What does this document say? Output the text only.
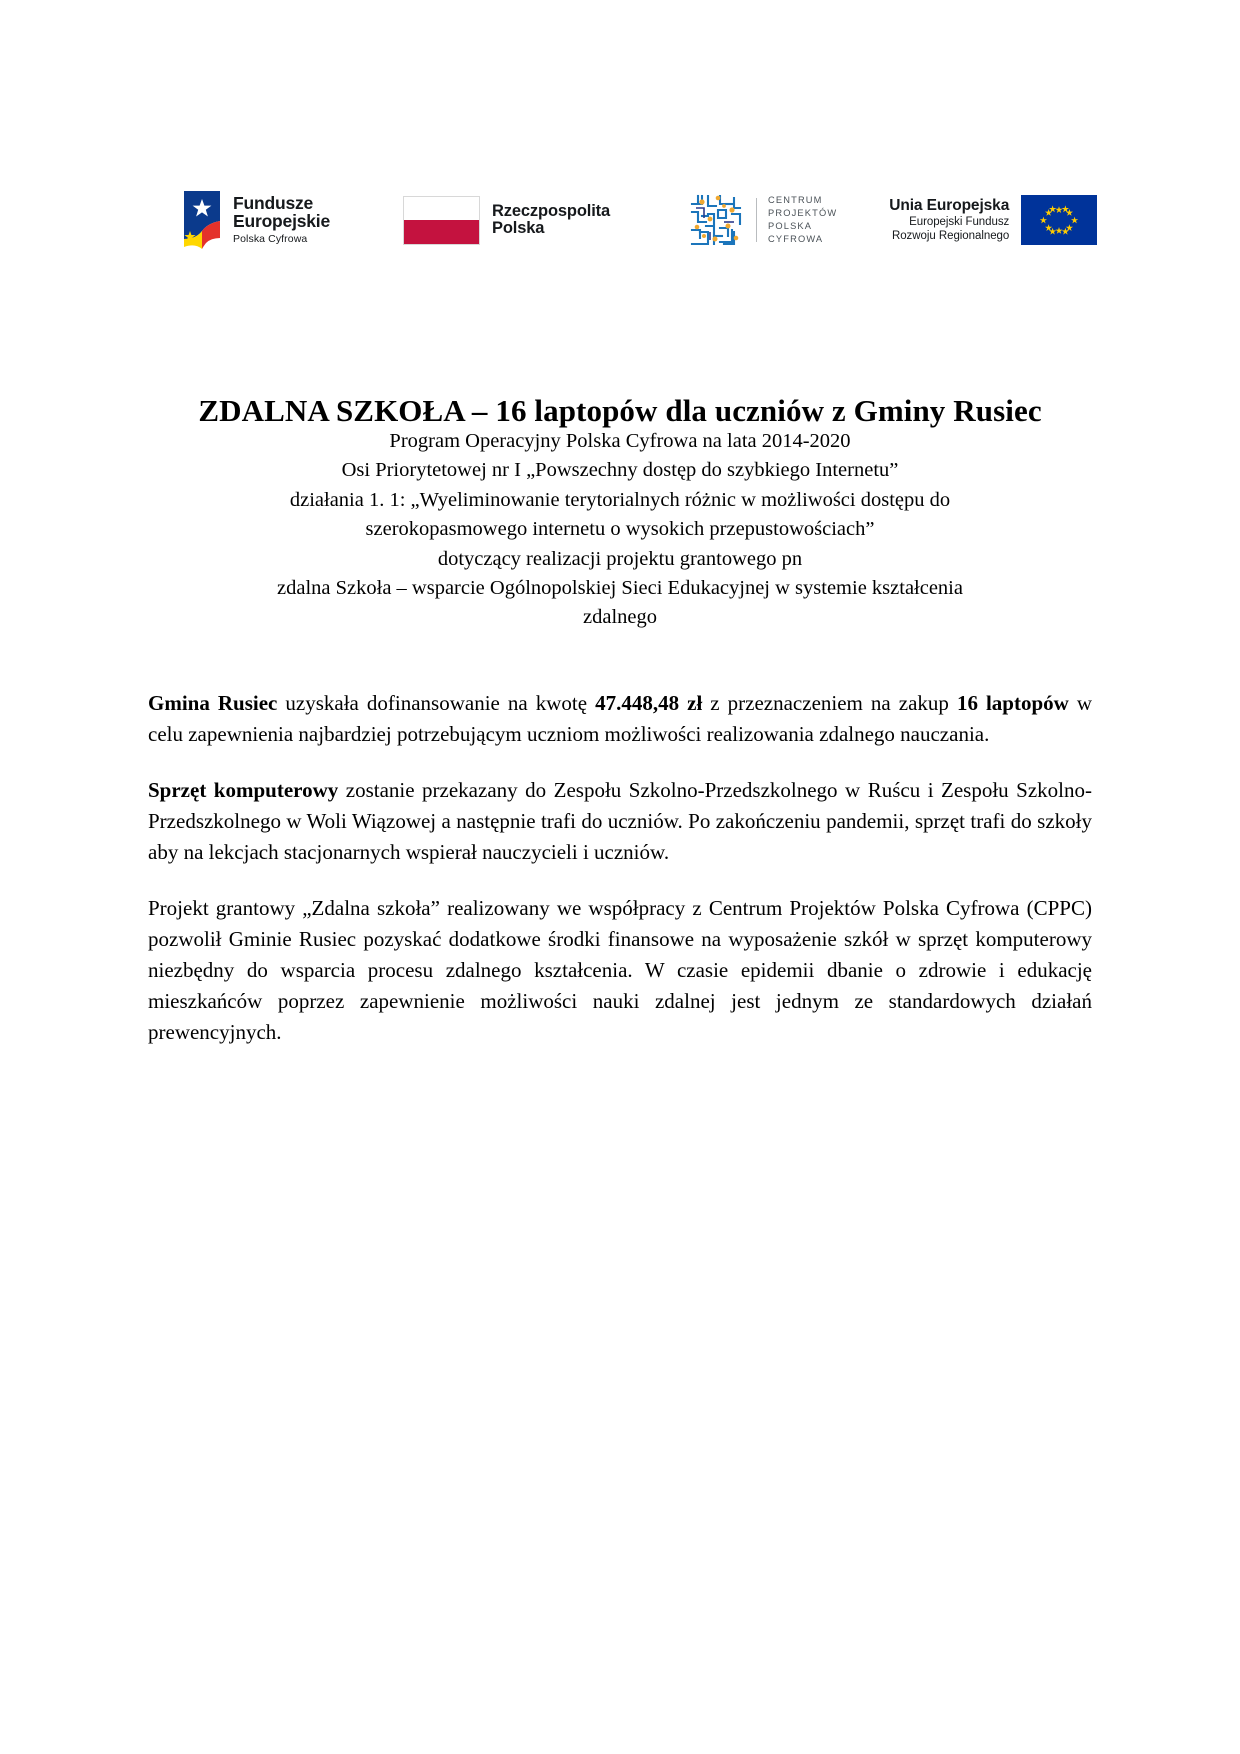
Fundusze
Europejskie
Polska Cyfrowa
Rzeczpospolita
Polska
CENTRUM
PROJEKTÓW
POLSKA
CYFROWA
Unia Europejska
Europejski Fundusz
Rozwoju Regionalnego
ZDALNA SZKOŁA – 16 laptopów dla uczniów z Gminy Rusiec
Program Operacyjny Polska Cyfrowa na lata 2014-2020
Osi Priorytetowej nr I „Powszechny dostęp do szybkiego Internetu”
działania 1. 1: „Wyeliminowanie terytorialnych różnic w możliwości dostępu do
szerokopasmowego internetu o wysokich przepustowościach”
dotyczący realizacji projektu grantowego pn
zdalna Szkoła – wsparcie Ogólnopolskiej Sieci Edukacyjnej w systemie kształcenia
zdalnego

Gmina Rusiec uzyskała dofinansowanie na kwotę 47.448,48 zł z przeznaczeniem na zakup 16 laptopów w celu zapewnienia najbardziej potrzebującym uczniom możliwości realizowania zdalnego nauczania.

Sprzęt komputerowy zostanie przekazany do Zespołu Szkolno-Przedszkolnego w Ruścu i Zespołu Szkolno-Przedszkolnego w Woli Wiązowej a następnie trafi do uczniów. Po zakończeniu pandemii, sprzęt trafi do szkoły aby na lekcjach stacjonarnych wspierał nauczycieli i uczniów.

Projekt grantowy „Zdalna szkoła” realizowany we współpracy z Centrum Projektów Polska Cyfrowa (CPPC) pozwolił Gminie Rusiec pozyskać dodatkowe środki finansowe na wyposażenie szkół w sprzęt komputerowy niezbędny do wsparcia procesu zdalnego kształcenia. W czasie epidemii dbanie o zdrowie i edukację mieszkańców poprzez zapewnienie możliwości nauki zdalnej jest jednym ze standardowych działań prewencyjnych.
